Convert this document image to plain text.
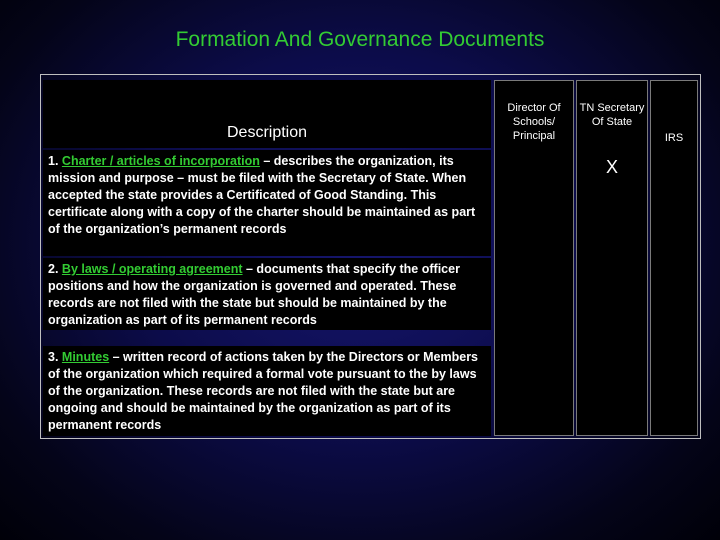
Formation And Governance Documents
Description
Director Of Schools/ Principal
TN Secretary Of State
X
IRS
1. Charter / articles of incorporation – describes the organization, its mission and purpose – must be filed with the Secretary of State. When accepted the state provides a Certificated of Good Standing. This certificate along with a copy of the charter should be maintained as part of the organization’s permanent records
2. By laws / operating agreement – documents that specify the officer positions and how the organization is governed and operated. These records are not filed with the state but should be maintained by the organization as part of its permanent records
3. Minutes – written record of actions taken by the Directors or Members of the organization which required a formal vote pursuant to the by laws of the organization. These records are not filed with the state but are ongoing and should be maintained by the organization as part of its permanent records
